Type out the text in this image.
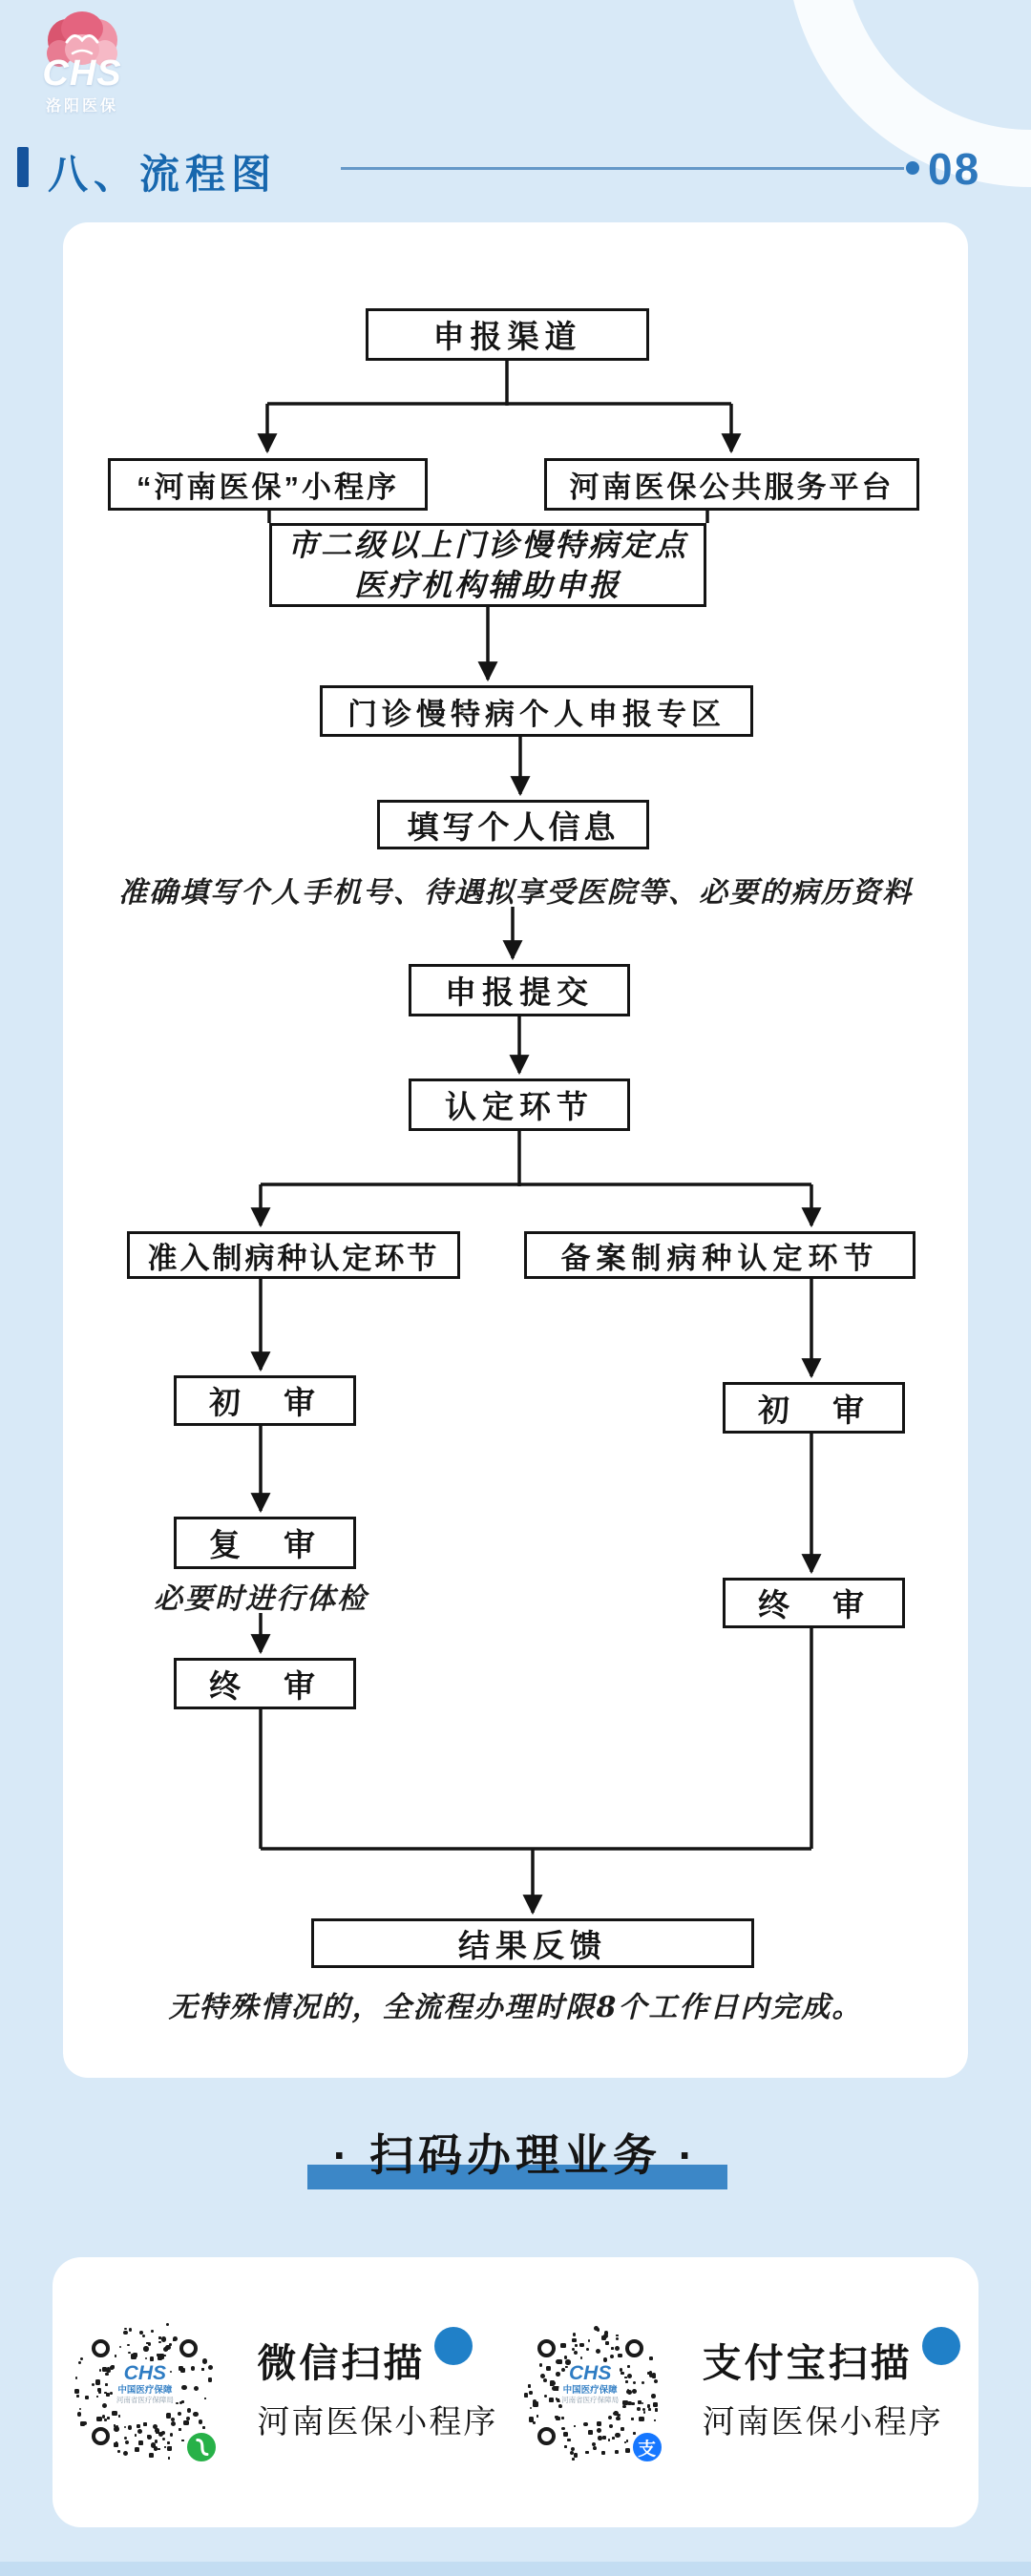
CHS
洛阳医保
八、流程图	08
申报渠道
“河南医保”小程序	河南医保公共服务平台
市二级以上门诊慢特病定点
医疗机构辅助申报
门诊慢特病个人申报专区
填写个人信息
准确填写个人手机号、待遇拟享受医院等、必要的病历资料
申报提交
认定环节
准入制病种认定环节	备案制病种认定环节
初　审
复　审
必要时进行体检
终　审
初　审
终　审
结果反馈
无特殊情况的，全流程办理时限8个工作日内完成。
· 扫码办理业务 ·
CHS
中国医疗保障
河南省医疗保障局
微信扫描
河南医保小程序
CHS
中国医疗保障
河南省医疗保障局
支
支付宝扫描
河南医保小程序
